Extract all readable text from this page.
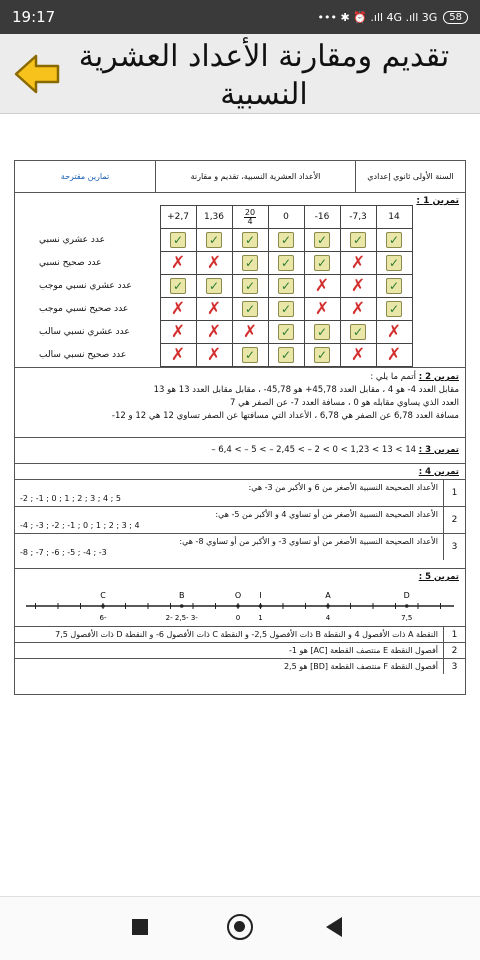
19:17	••• ✱ ⏰ .ıll 4G .ıll 3G	58
تقديم ومقارنة الأعداد العشرية النسبية
السنة الأولى ثانوي إعدادي
الأعداد العشرية النسبية، تقديم و مقارنة
تمارين مقترحة
تمرين 1 :
	+2,7	1,36	$\frac{20}{4}$	0	-16	-7,3	14
عدد عشري نسبي	✓	✓	✓	✓	✓	✓	✓
عدد صحيح نسبي	✗	✗	✓	✓	✓	✗	✓
عدد عشري نسبي موجب	✓	✓	✓	✓	✗	✗	✓
عدد صحيح نسبي موجب	✗	✗	✓	✓	✗	✗	✓
عدد عشري نسبي سالب	✗	✗	✗	✓	✓	✓	✗
عدد صحيح نسبي سالب	✗	✗	✓	✓	✓	✗	✗
تمرين 2 : أتمم ما يلي :
مقابل العدد 4- هو 4 ، مقابل العدد 45,78+ هو 45,78- ، مقابل مقابل العدد 13 هو 13
العدد الذي يساوي مقابله هو 0 ، مسافة العدد 7- عن الصفر هي 7
مسافة العدد 6,78 عن الصفر هي 6,78 ، الأعداد التي مسافتها عن الصفر تساوي 12 هي 12 و 12-
تمرين 3 : – 6,4 < – 5 < – 2,45 < – 2 < 0 < 1,23 < 13 < 14
تمرين 4 :
1
الأعداد الصحيحة النسبية الأصغر من 6 و الأكبر من 3- هي:
-2 ; -1 ; 0 ; 1 ; 2 ; 3 ; 4 ; 5
2
الأعداد الصحيحة النسبية الأصغر من أو تساوي 4 و الأكبر من 5- هي:
-4 ; -3 ; -2 ; -1 ; 0 ; 1 ; 2 ; 3 ; 4
3
الأعداد الصحيحة النسبية الأصغر من أو تساوي 3- و الأكبر من أو تساوي 8- هي:
-8 ; -7 ; -6 ; -5 ; -4 ; -3
تمرين 5 :
C	B	O I	A	D
-6	-3 -2,5 -2	0	1	4	7,5
1
النقطة A ذات الأفصول 4 و النقطة B ذات الأفصول 2,5- و النقطة C ذات الأفصول 6- و النقطة D ذات الأفصول 7,5
2
أفصول النقطة E منتصف القطعة [AC] هو 1-
3
أفصول النقطة F منتصف القطعة [BD] هو 2,5
